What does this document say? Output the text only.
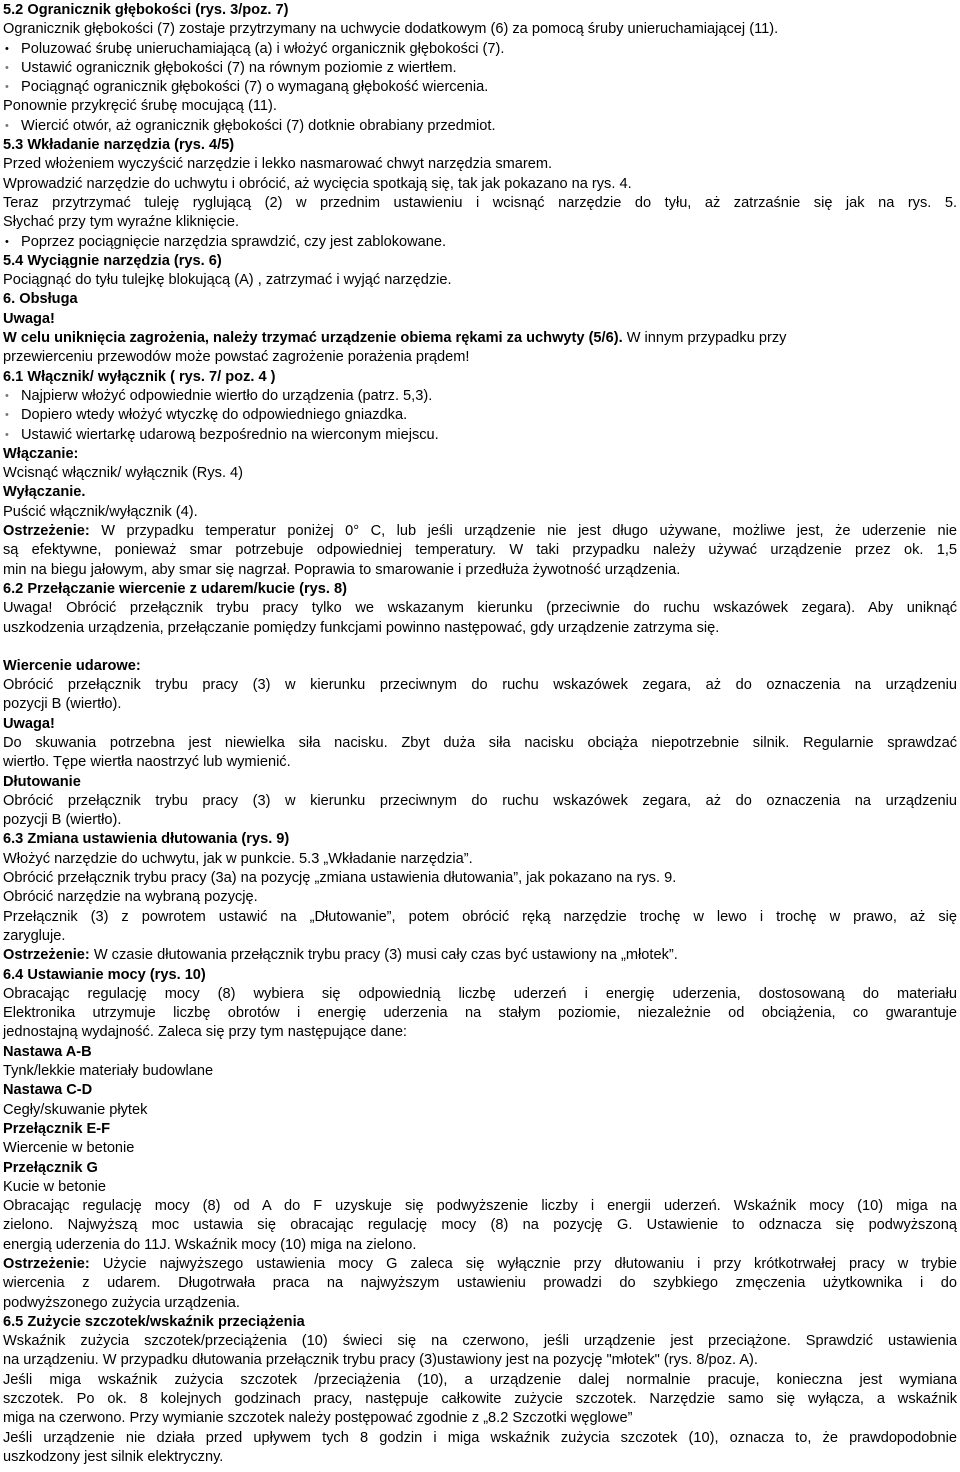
5.2 Ogranicznik głębokości (rys. 3/poz. 7)
Ogranicznik głębokości (7) zostaje przytrzymany na uchwycie dodatkowym (6) za pomocą śruby unieruchamiającej (11).
• Poluzować śrubę unieruchamiającą (a) i włożyć organicznik głębokości (7).
• Ustawić ogranicznik głębokości (7) na równym poziomie z wiertłem.
• Pociągnąć ogranicznik głębokości (7) o wymaganą głębokość wiercenia.
Ponownie przykręcić śrubę mocującą (11).
• Wiercić otwór, aż ogranicznik głębokości (7) dotknie obrabiany przedmiot.
5.3 Wkładanie narzędzia (rys. 4/5)
Przed włożeniem wyczyścić narzędzie i lekko nasmarować chwyt narzędzia smarem.
Wprowadzić narzędzie do uchwytu i obrócić, aż wycięcia spotkają się, tak jak pokazano na rys. 4.
Teraz przytrzymać tuleję ryglującą (2) w przednim ustawieniu i wcisnąć narzędzie do tyłu, aż zatrzaśnie się jak na rys. 5.
Słychać przy tym wyraźne kliknięcie.
• Poprzez pociągnięcie narzędzia sprawdzić, czy jest zablokowane.
5.4 Wyciągnie narzędzia (rys. 6)
Pociągnąć do tyłu tulejkę blokującą (A) , zatrzymać i wyjąć narzędzie.
6. Obsługa
Uwaga!
W celu uniknięcia zagrożenia, należy trzymać urządzenie obiema rękami za uchwyty (5/6). W innym przypadku przy
przewierceniu przewodów może powstać zagrożenie porażenia prądem!
6.1 Włącznik/ wyłącznik ( rys. 7/ poz. 4 )
• Najpierw włożyć odpowiednie wiertło do urządzenia (patrz. 5,3).
• Dopiero wtedy włożyć wtyczkę do odpowiedniego gniazdka.
• Ustawić wiertarkę udarową bezpośrednio na wierconym miejscu.
Włączanie:
Wcisnąć włącznik/ wyłącznik (Rys. 4)
Wyłączanie.
Puścić włącznik/wyłącznik (4).
Ostrzeżenie: W przypadku temperatur poniżej 0° C, lub jeśli urządzenie nie jest długo używane, możliwe jest, że uderzenie nie
są efektywne, ponieważ smar potrzebuje odpowiedniej temperatury. W taki przypadku należy używać urządzenie przez ok. 1,5
min na biegu jałowym, aby smar się nagrzał. Poprawia to smarowanie i przedłuża żywotność urządzenia.
6.2 Przełączanie wiercenie z udarem/kucie (rys. 8)
Uwaga! Obrócić przełącznik trybu pracy tylko we wskazanym kierunku (przeciwnie do ruchu wskazówek zegara). Aby uniknąć
uszkodzenia urządzenia, przełączanie pomiędzy funkcjami powinno następować, gdy urządzenie zatrzyma się.
Wiercenie udarowe:
Obrócić przełącznik trybu pracy (3) w kierunku przeciwnym do ruchu wskazówek zegara, aż do oznaczenia na urządzeniu
pozycji B (wiertło).
Uwaga!
Do skuwania potrzebna jest niewielka siła nacisku. Zbyt duża siła nacisku obciąża niepotrzebnie silnik. Regularnie sprawdzać
wiertło. Tępe wiertła naostrzyć lub wymienić.
Dłutowanie
Obrócić przełącznik trybu pracy (3) w kierunku przeciwnym do ruchu wskazówek zegara, aż do oznaczenia na urządzeniu
pozycji B (wiertło).
6.3 Zmiana ustawienia dłutowania (rys. 9)
Włożyć narzędzie do uchwytu, jak w punkcie. 5.3 „Wkładanie narzędzia”.
Obrócić przełącznik trybu pracy (3a) na pozycję „zmiana ustawienia dłutowania”, jak pokazano na rys. 9.
Obrócić narzędzie na wybraną pozycję.
Przełącznik (3) z powrotem ustawić na „Dłutowanie”, potem obrócić ręką narzędzie trochę w lewo i trochę w prawo, aż się
zarygluje.
Ostrzeżenie: W czasie dłutowania przełącznik trybu pracy (3) musi cały czas być ustawiony na „młotek”.
6.4 Ustawianie mocy (rys. 10)
Obracając regulację mocy (8) wybiera się odpowiednią liczbę uderzeń i energię uderzenia, dostosowaną do materiału
Elektronika utrzymuje liczbę obrotów i energię uderzenia na stałym poziomie, niezależnie od obciążenia, co gwarantuje
jednostajną wydajność. Zaleca się przy tym następujące dane:
Nastawa A-B
Tynk/lekkie materiały budowlane
Nastawa C-D
Cegły/skuwanie płytek
Przełącznik E-F
Wiercenie w betonie
Przełącznik G
Kucie w betonie
Obracając regulację mocy (8) od A do F uzyskuje się podwyższenie liczby i energii uderzeń. Wskaźnik mocy (10) miga na
zielono. Najwyższą moc ustawia się obracając regulację mocy (8) na pozycję G. Ustawienie to odznacza się podwyższoną
energią uderzenia do 11J. Wskaźnik mocy (10) miga na zielono.
Ostrzeżenie: Użycie najwyższego ustawienia mocy G zaleca się wyłącznie przy dłutowaniu i przy krótkotrwałej pracy w trybie
wiercenia z udarem. Długotrwała praca na najwyższym ustawieniu prowadzi do szybkiego zmęczenia użytkownika i do
podwyższonego zużycia urządzenia.
6.5 Zużycie szczotek/wskaźnik przeciążenia
Wskaźnik zużycia szczotek/przeciążenia (10) świeci się na czerwono, jeśli urządzenie jest przeciążone. Sprawdzić ustawienia
na urządzeniu. W przypadku dłutowania przełącznik trybu pracy (3)ustawiony jest na pozycję "młotek" (rys. 8/poz. A).
Jeśli miga wskaźnik zużycia szczotek /przeciążenia (10), a urządzenie dalej normalnie pracuje, konieczna jest wymiana
szczotek. Po ok. 8 kolejnych godzinach pracy, następuje całkowite zużycie szczotek. Narzędzie samo się wyłącza, a wskaźnik
miga na czerwono. Przy wymianie szczotek należy postępować zgodnie z „8.2 Szczotki węglowe”
Jeśli urządzenie nie działa przed upływem tych 8 godzin i miga wskaźnik zużycia szczotek (10), oznacza to, że prawdopodobnie
uszkodzony jest silnik elektryczny.
